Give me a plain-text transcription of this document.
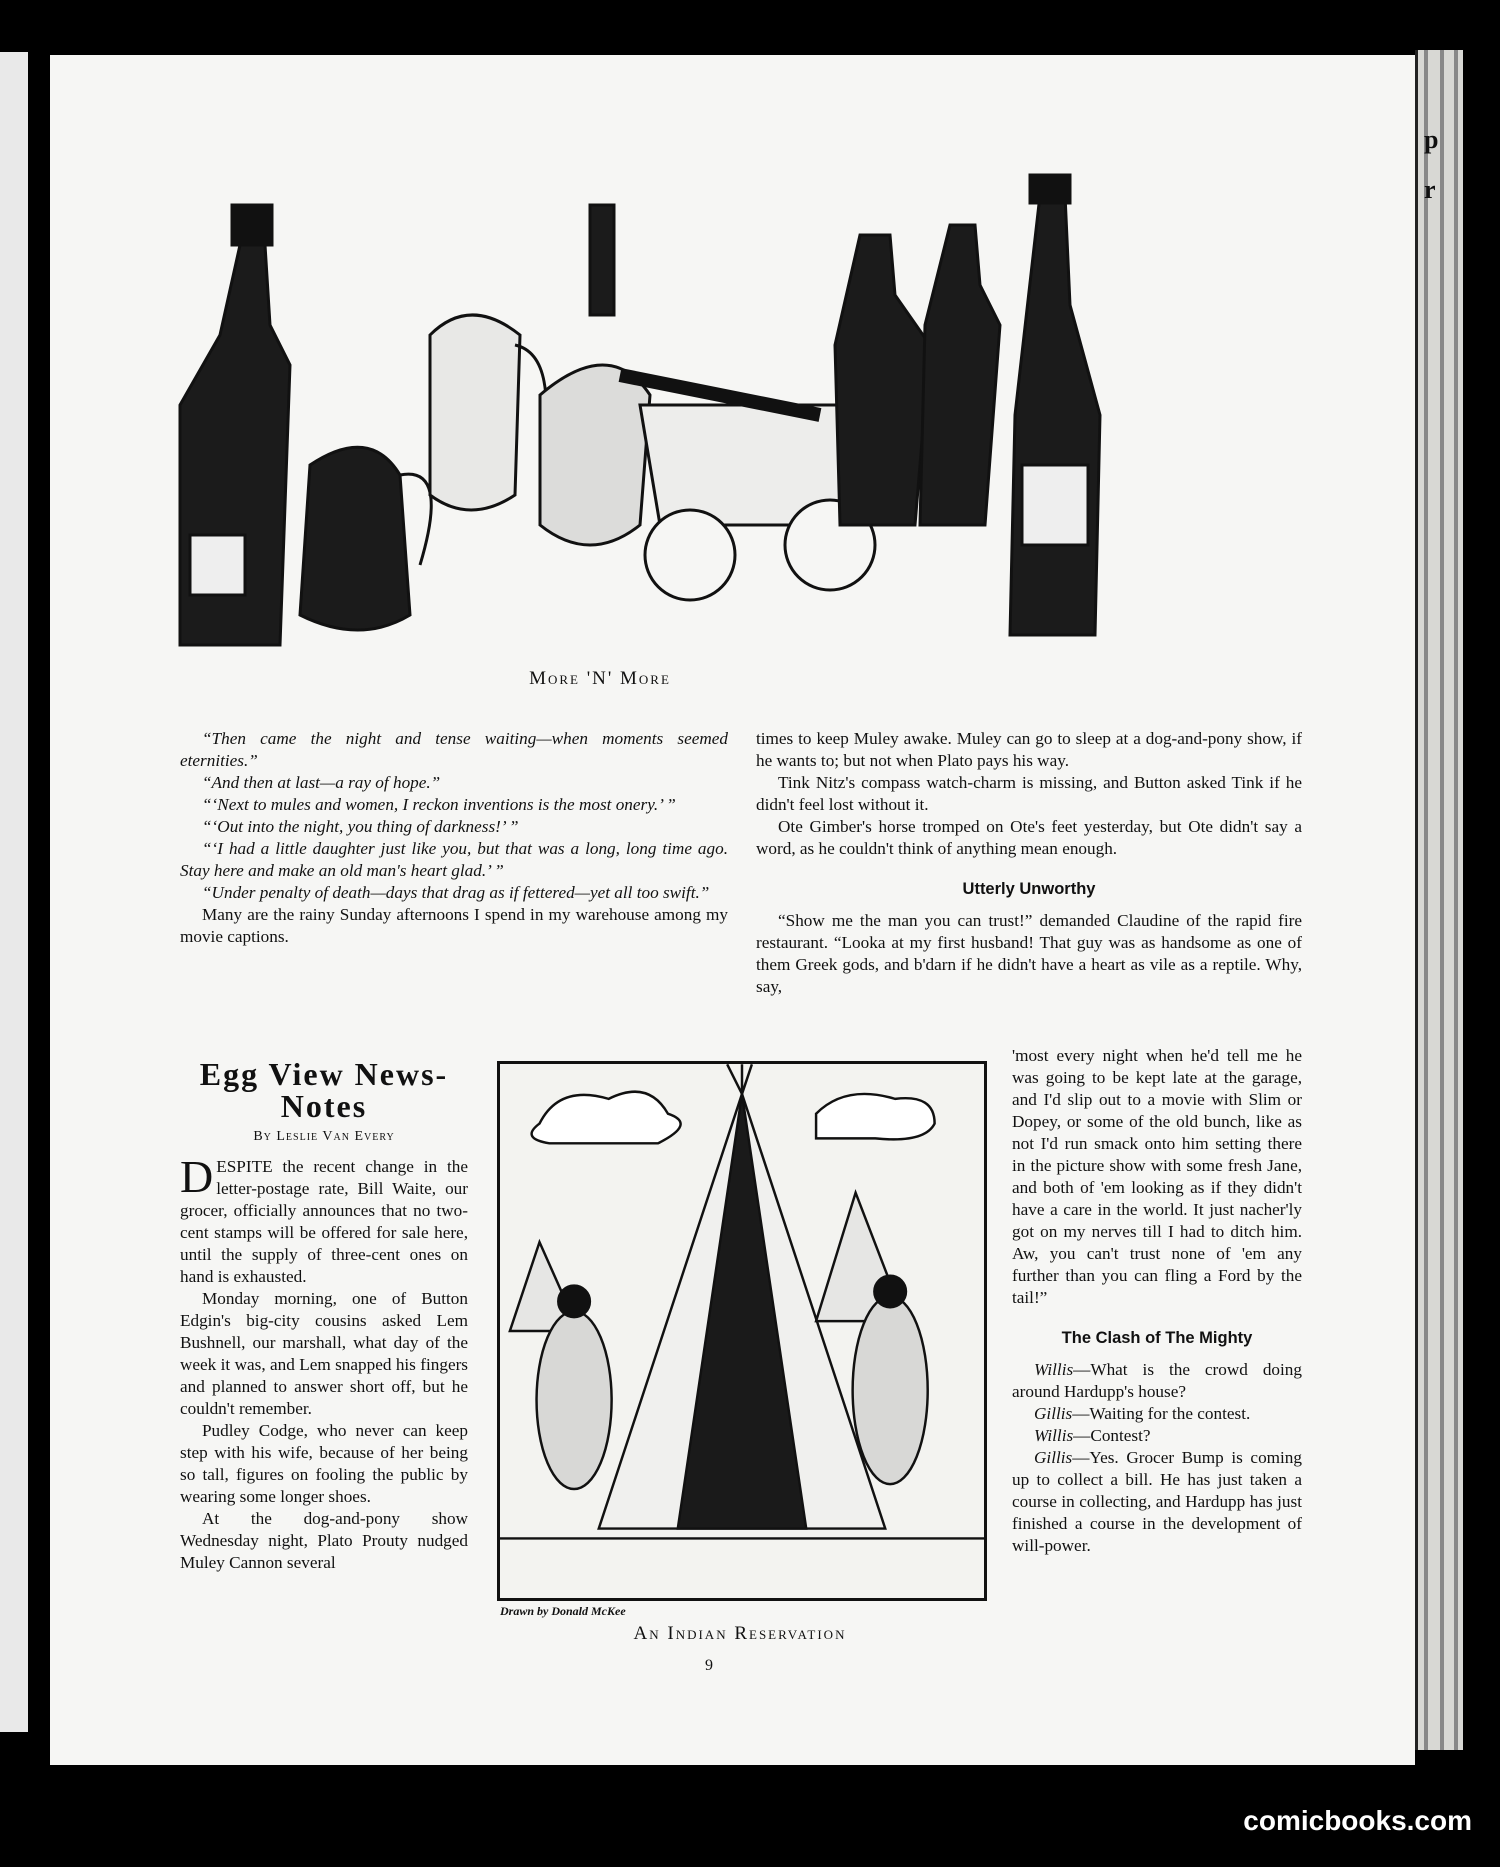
p
r
More 'N' More

“Then came the night and tense waiting—when moments seemed eternities.”

“And then at last—a ray of hope.”

“‘Next to mules and women, I reckon inventions is the most onery.’ ”

“‘Out into the night, you thing of darkness!’ ”

“‘I had a little daughter just like you, but that was a long, long time ago. Stay here and make an old man's heart glad.’ ”

“Under penalty of death—days that drag as if fettered—yet all too swift.”

Many are the rainy Sunday afternoons I spend in my warehouse among my movie captions.

times to keep Muley awake. Muley can go to sleep at a dog-and-pony show, if he wants to; but not when Plato pays his way.

Tink Nitz's compass watch-charm is missing, and Button asked Tink if he didn't feel lost without it.

Ote Gimber's horse tromped on Ote's feet yesterday, but Ote didn't say a word, as he couldn't think of anything mean enough.

Utterly Unworthy

“Show me the man you can trust!” demanded Claudine of the rapid fire restaurant. “Looka at my first husband! That guy was as handsome as one of them Greek gods, and b'darn if he didn't have a heart as vile as a reptile. Why, say,

Egg View News-Notes
By Leslie Van Every

DESPITE the recent change in the letter-postage rate, Bill Waite, our grocer, officially announces that no two-cent stamps will be offered for sale here, until the supply of three-cent ones on hand is exhausted.

Monday morning, one of Button Edgin's big-city cousins asked Lem Bushnell, our marshall, what day of the week it was, and Lem snapped his fingers and planned to answer short off, but he couldn't remember.

Pudley Codge, who never can keep step with his wife, because of her being so tall, figures on fooling the public by wearing some longer shoes.

At the dog-and-pony show Wednesday night, Plato Prouty nudged Muley Cannon several

Drawn by Donald McKee
An Indian Reservation

'most every night when he'd tell me he was going to be kept late at the garage, and I'd slip out to a movie with Slim or Dopey, or some of the old bunch, like as not I'd run smack onto him setting there in the picture show with some fresh Jane, and both of 'em looking as if they didn't have a care in the world. It just nacher'ly got on my nerves till I had to ditch him. Aw, you can't trust none of 'em any further than you can fling a Ford by the tail!”

The Clash of The Mighty

Willis—What is the crowd doing around Hardupp's house?

Gillis—Waiting for the contest.

Willis—Contest?

Gillis—Yes. Grocer Bump is coming up to collect a bill. He has just taken a course in collecting, and Hardupp has just finished a course in the development of will-power.

9
comicbooks.com
